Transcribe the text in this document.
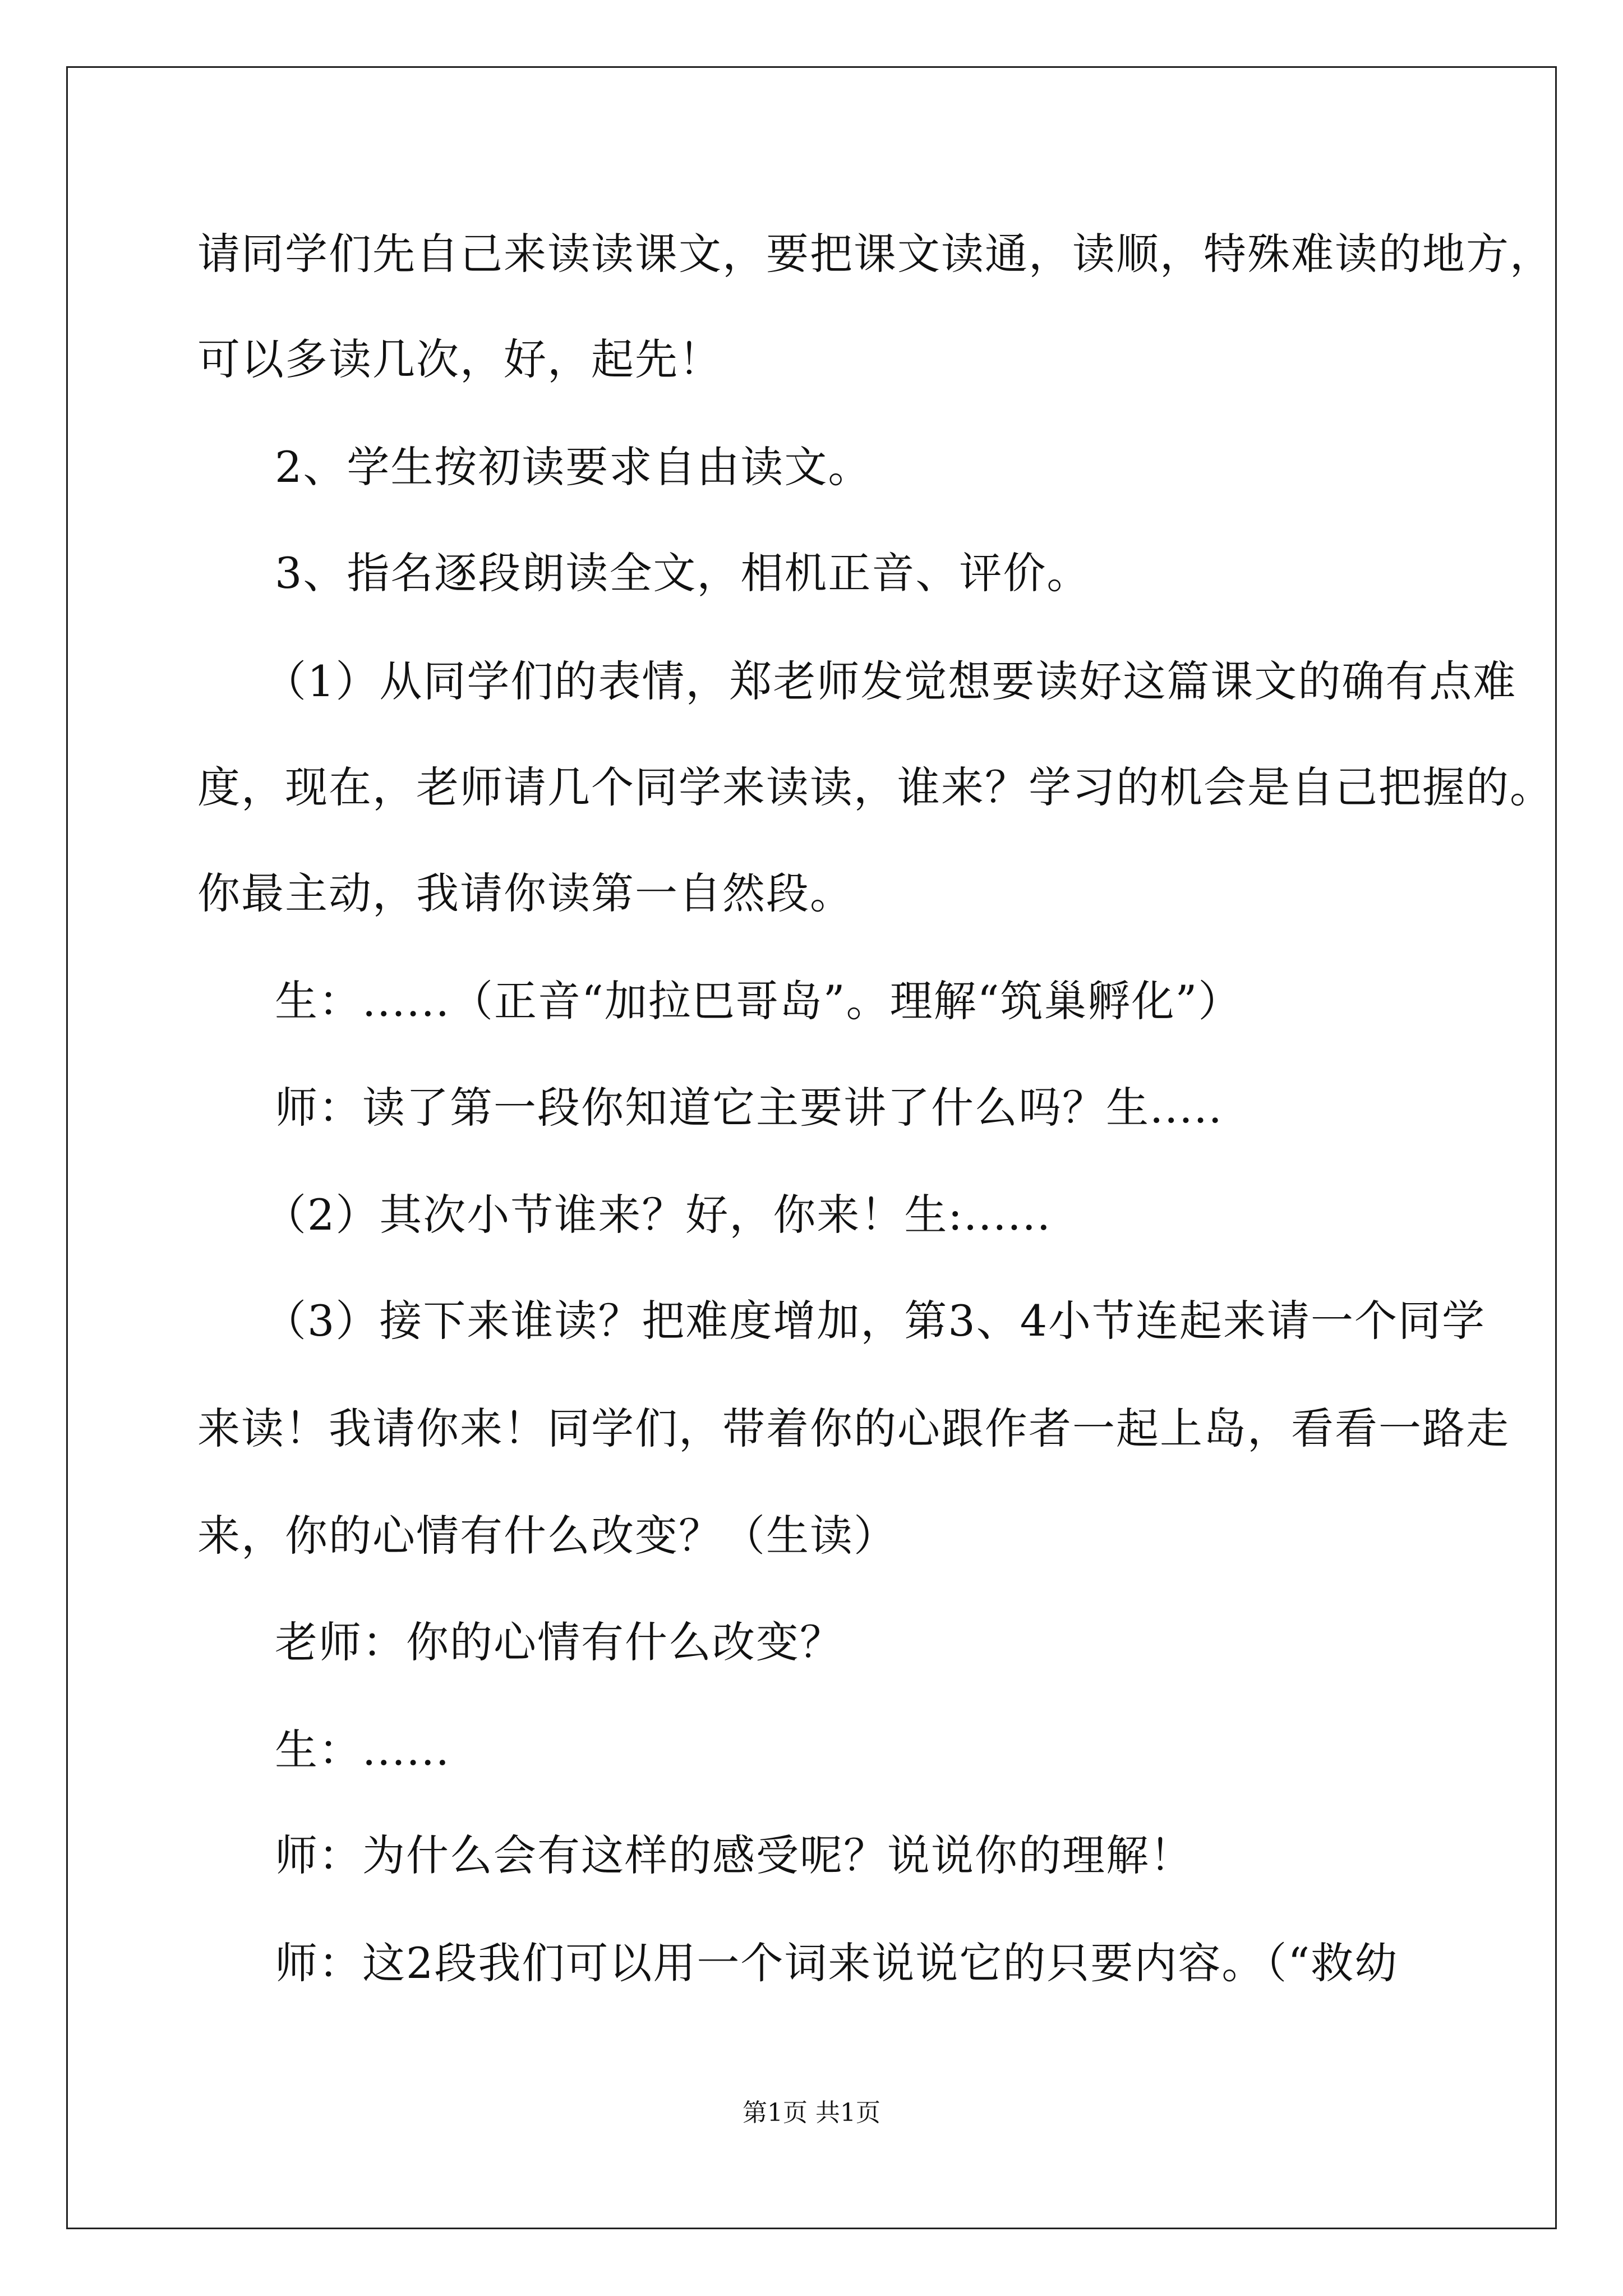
请同学们先自己来读读课文，要把课文读通，读顺，特殊难读的地方，
可以多读几次，好，起先！
2、学生按初读要求自由读文。
3、指名逐段朗读全文，相机正音、评价。
（1）从同学们的表情，郑老师发觉想要读好这篇课文的确有点难
度，现在，老师请几个同学来读读，谁来？学习的机会是自己把握的。
你最主动，我请你读第一自然段。
生：......（正音“加拉巴哥岛”。理解“筑巢孵化”）
师：读了第一段你知道它主要讲了什么吗？生.....
（2）其次小节谁来？好，你来！生:......
（3）接下来谁读？把难度增加，第3、4小节连起来请一个同学
来读！我请你来！同学们，带着你的心跟作者一起上岛，看看一路走
来，你的心情有什么改变？（生读）
老师：你的心情有什么改变？
生：......
师：为什么会有这样的感受呢？说说你的理解！
师：这2段我们可以用一个词来说说它的只要内容。（“救幼
第1页 共1页
